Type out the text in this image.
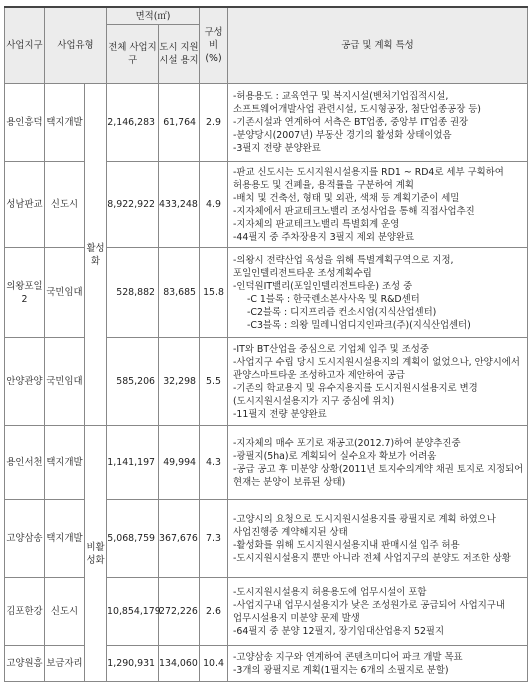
사업지구	사업유형		면적(㎡)		구성비 (%)	공급 및 계획 특성
			전체 사업지구	도시 지원 시설 용지		
용인흥덕	택지개발	활성화	2,146,283	61,764	2.9	-허용용도 : 교육연구 및 복지시설(벤처기업집적시설, 소프트웨어개발사업 관련시설, 도시형공장, 첨단업종공장 등)
-기존시설과 연계하여 서측은 BT업종, 중앙부 IT업종 권장
-분양당시(2007년) 부동산 경기의 활성화 상태이었음
-3필지 전량 분양완료

성남판교	신도시		8,922,922	433,248	4.9	-판교 신도시는 도시지원시설용지를 RD1 ~ RD4로 세부 구획하여 허용용도 및 건폐율, 용적률을 구분하여 계획
-배치 및 건축선, 형태 및 외관, 색채 등 계획기준이 세밀
-지자체에서 판교테크노밸리 조성사업을 통해 직접사업추진
-지자체의 판교테크노밸리 특별회계 운영
-44필지 중 주차장용지 3필지 제외 분양완료

의왕포일2	국민임대		528,882	83,685	15.8	-의왕시 전략산업 육성을 위해 특별계획구역으로 지정, 포일인텔리전트타운 조성계획수립
-인덕원IT밸리(포일인텔리전트타운) 조성 중
-C 1블록 : 한국렌소본사사옥 및 R&D센터
-C2블록 : 디지프리즘 컨소시엄(지식산업센터)
-C3블록 : 의왕 밀레니엄디지인파크(주)(지식산업센터)

안양관양	국민임대		585,206	32,298	5.5	-IT와 BT산업을 중심으로 기업체 입주 및 조성중
-사업지구 수립 당시 도시지원시설용지의 계획이 없었으나, 안양시에서 관양스마트타운 조성하고자 제안하여 공급
-기존의 학교용지 및 유수지용지를 도시지원시설용지로 변경(도시지원시설용지가 지구 중심에 위치)
-11필지 전량 분양완료

용인서천	택지개발	비활성화	1,141,197	49,994	4.3	-지자체의 매수 포기로 재공고(2012.7)하여 분양추진중
-광필지(5ha)로 계획되어 실수요자 확보가 어려움
-공급 공고 후 미분양 상황(2011년 토지수의계약 채권 토지로 지정되어 현재는 분양이 보류된 상태)

고양삼송	택지개발		5,068,759	367,676	7.3	-고양시의 요청으로 도시지원시설용지를 광필지로 계획 하였으나 사업진행중 계약해지된 상태
-활성화를 위해 도시지원시설용지내 판매시설 입주 허용
-도시지원시설용지 뿐만 아니라 전체 사업지구의 분양도 저조한 상황

김포한강	신도시		10,854,179	272,226	2.6	-도시지원시설용지 허용용도에 업무시설이 포함
-사업지구내 업무시설용지가 낮은 조성원가로 공급되어 사업지구내 업무시설용지 미분양 문제 발생
-64필지 중 분양 12필지, 장기임대산업용지 52필지

고양원흥	보금자리		1,290,931	134,060	10.4	-고양삼송 지구와 연계하여 콘텐츠미디어 파크 개발 목표
-3개의 광필지로 계획(1필지는 6개의 소필지로 분할)
